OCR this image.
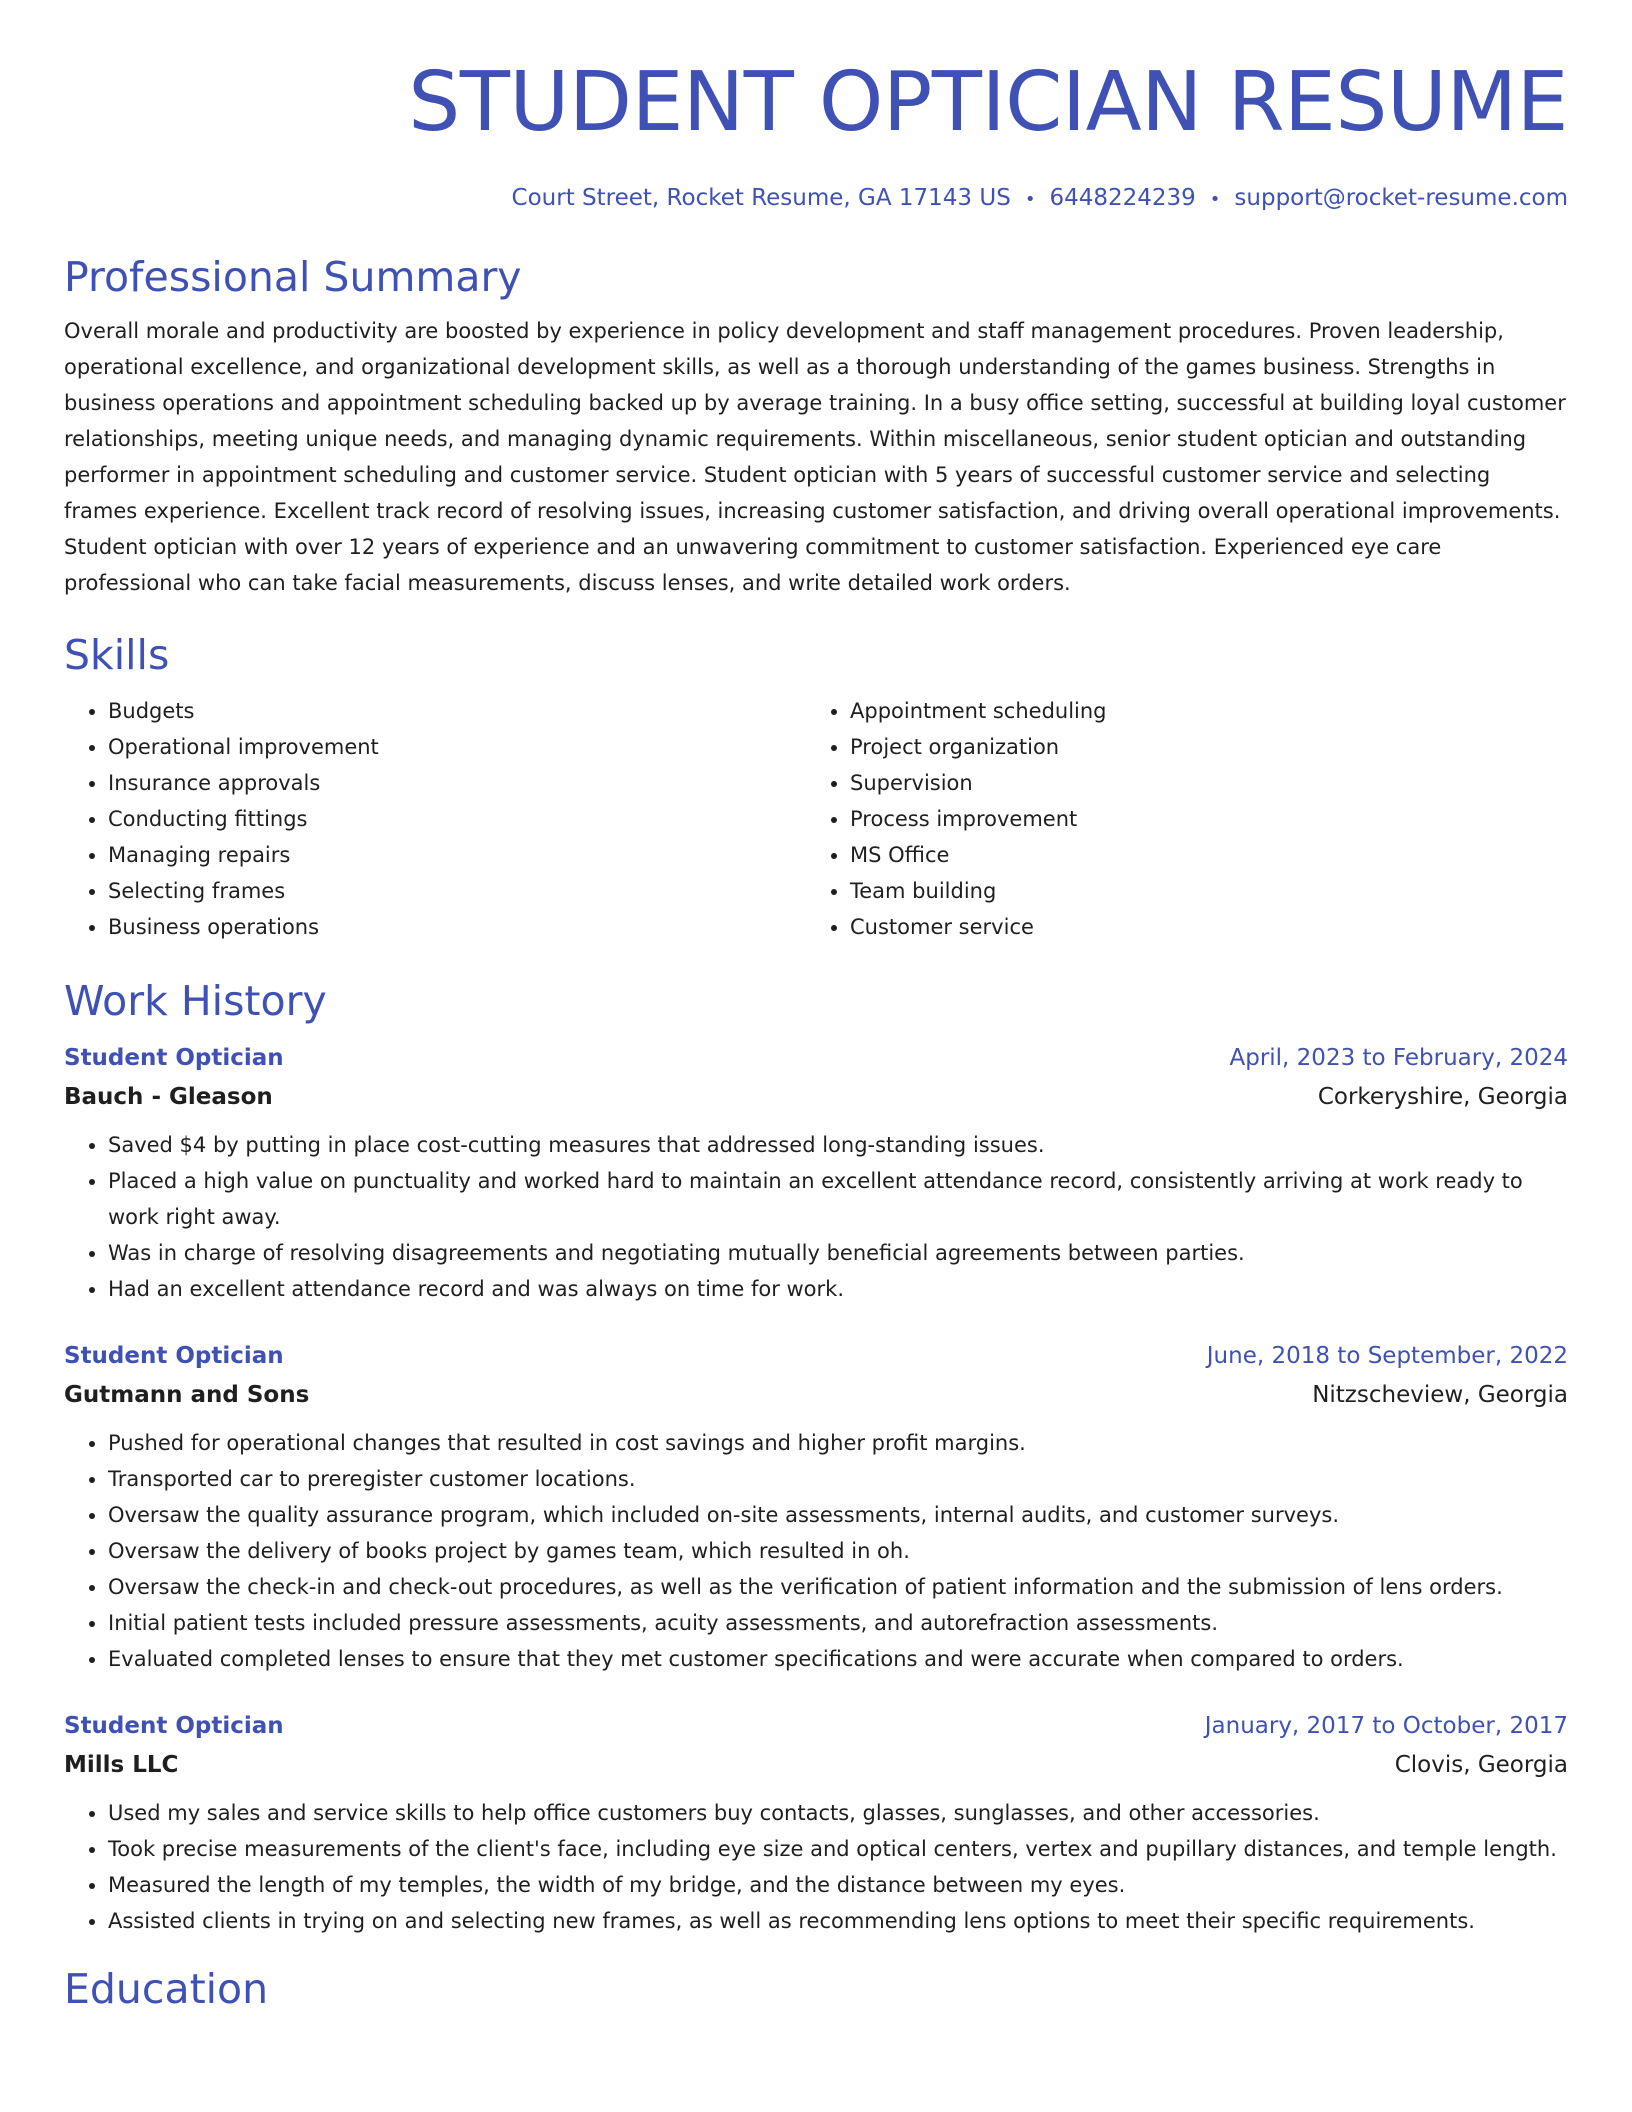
STUDENT OPTICIAN RESUME
Court Street, Rocket Resume, GA 17143 US • 6448224239 • support@rocket-resume.com
Professional Summary

Overall morale and productivity are boosted by experience in policy development and staff management procedures. Proven leadership, operational excellence, and organizational development skills, as well as a thorough understanding of the games business. Strengths in business operations and appointment scheduling backed up by average training. In a busy office setting, successful at building loyal customer relationships, meeting unique needs, and managing dynamic requirements. Within miscellaneous, senior student optician and outstanding performer in appointment scheduling and customer service. Student optician with 5 years of successful customer service and selecting frames experience. Excellent track record of resolving issues, increasing customer satisfaction, and driving overall operational improvements. Student optician with over 12 years of experience and an unwavering commitment to customer satisfaction. Experienced eye care professional who can take facial measurements, discuss lenses, and write detailed work orders.

Skills
• Budgets
• Operational improvement
• Insurance approvals
• Conducting fittings
• Managing repairs
• Selecting frames
• Business operations
• Appointment scheduling
• Project organization
• Supervision
• Process improvement
• MS Office
• Team building
• Customer service
Work History
Student Optician	April, 2023 to February, 2024
Bauch - Gleason	Corkeryshire, Georgia
• Saved $4 by putting in place cost-cutting measures that addressed long-standing issues.
• Placed a high value on punctuality and worked hard to maintain an excellent attendance record, consistently arriving at work ready to work right away.
• Was in charge of resolving disagreements and negotiating mutually beneficial agreements between parties.
• Had an excellent attendance record and was always on time for work.
Student Optician	June, 2018 to September, 2022
Gutmann and Sons	Nitzscheview, Georgia
• Pushed for operational changes that resulted in cost savings and higher profit margins.
• Transported car to preregister customer locations.
• Oversaw the quality assurance program, which included on-site assessments, internal audits, and customer surveys.
• Oversaw the delivery of books project by games team, which resulted in oh.
• Oversaw the check-in and check-out procedures, as well as the verification of patient information and the submission of lens orders.
• Initial patient tests included pressure assessments, acuity assessments, and autorefraction assessments.
• Evaluated completed lenses to ensure that they met customer specifications and were accurate when compared to orders.
Student Optician	January, 2017 to October, 2017
Mills LLC	Clovis, Georgia
• Used my sales and service skills to help office customers buy contacts, glasses, sunglasses, and other accessories.
• Took precise measurements of the client's face, including eye size and optical centers, vertex and pupillary distances, and temple length.
• Measured the length of my temples, the width of my bridge, and the distance between my eyes.
• Assisted clients in trying on and selecting new frames, as well as recommending lens options to meet their specific requirements.
Education
